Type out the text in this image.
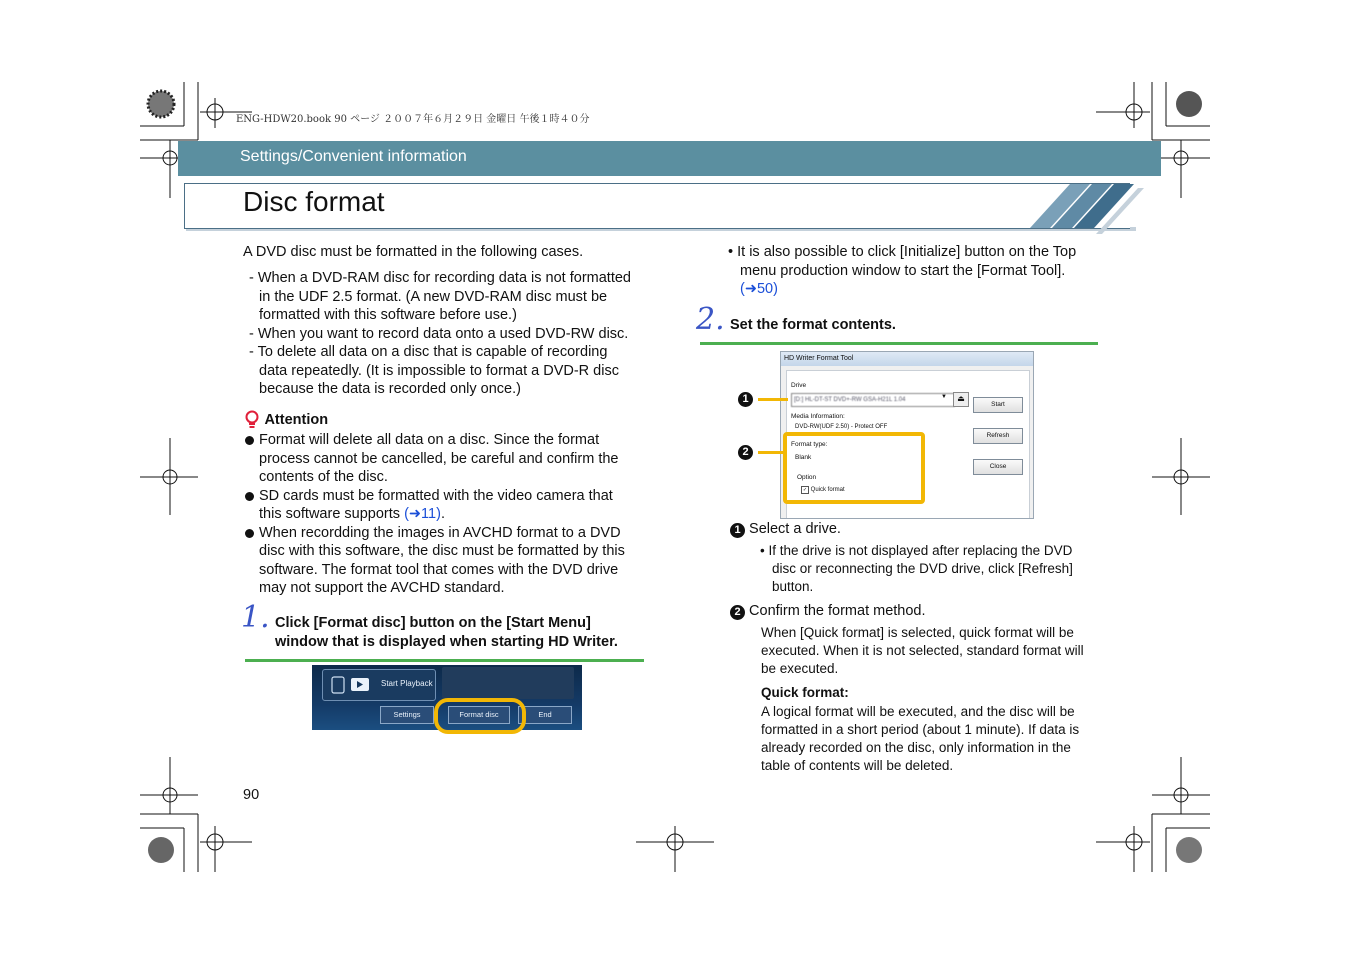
ENG-HDW20.book 90 ページ ２００７年６月２９日 金曜日 午後１時４０分
Settings/Convenient information
Disc format
A DVD disc must be formatted in the following cases.
- When a DVD-RAM disc for recording data is not formatted
in the UDF 2.5 format. (A new DVD-RAM disc must be
formatted with this software before use.)
- When you want to record data onto a used DVD-RW disc.
- To delete all data on a disc that is capable of recording
data repeatedly. (It is impossible to format a DVD-R disc
because the data is recorded only once.)
Attention
Format will delete all data on a disc. Since the format
process cannot be cancelled, be careful and confirm the
contents of the disc.
SD cards must be formatted with the video camera that
this software supports (➜11).
When recordding the images in AVCHD format to a DVD
disc with this software, the disc must be formatted by this
software. The format tool that comes with the DVD drive
may not support the AVCHD standard.
1. Click [Format disc] button on the [Start Menu]
window that is displayed when starting HD Writer.
Start Playback
Settings	Format disc	End
90
• It is also possible to click [Initialize] button on the Top
menu production window to start the [Format Tool].
(➜50)
2. Set the format contents.
HD Writer Format Tool
Drive
[D:] HL-DT-ST DVD+-RW GSA-H21L 1.04	▼	⏏
Media Information:
DVD-RW(UDF 2.50) - Protect OFF
Format type:
Blank
Option
✓ Quick format
Start
Refresh
Close
1
2
1 Select a drive.
• If the drive is not displayed after replacing the DVD
disc or reconnecting the DVD drive, click [Refresh]
button.
2 Confirm the format method.
When [Quick format] is selected, quick format will be
executed. When it is not selected, standard format will
be executed.
Quick format:
A logical format will be executed, and the disc will be
formatted in a short period (about 1 minute). If data is
already recorded on the disc, only information in the
table of contents will be deleted.
